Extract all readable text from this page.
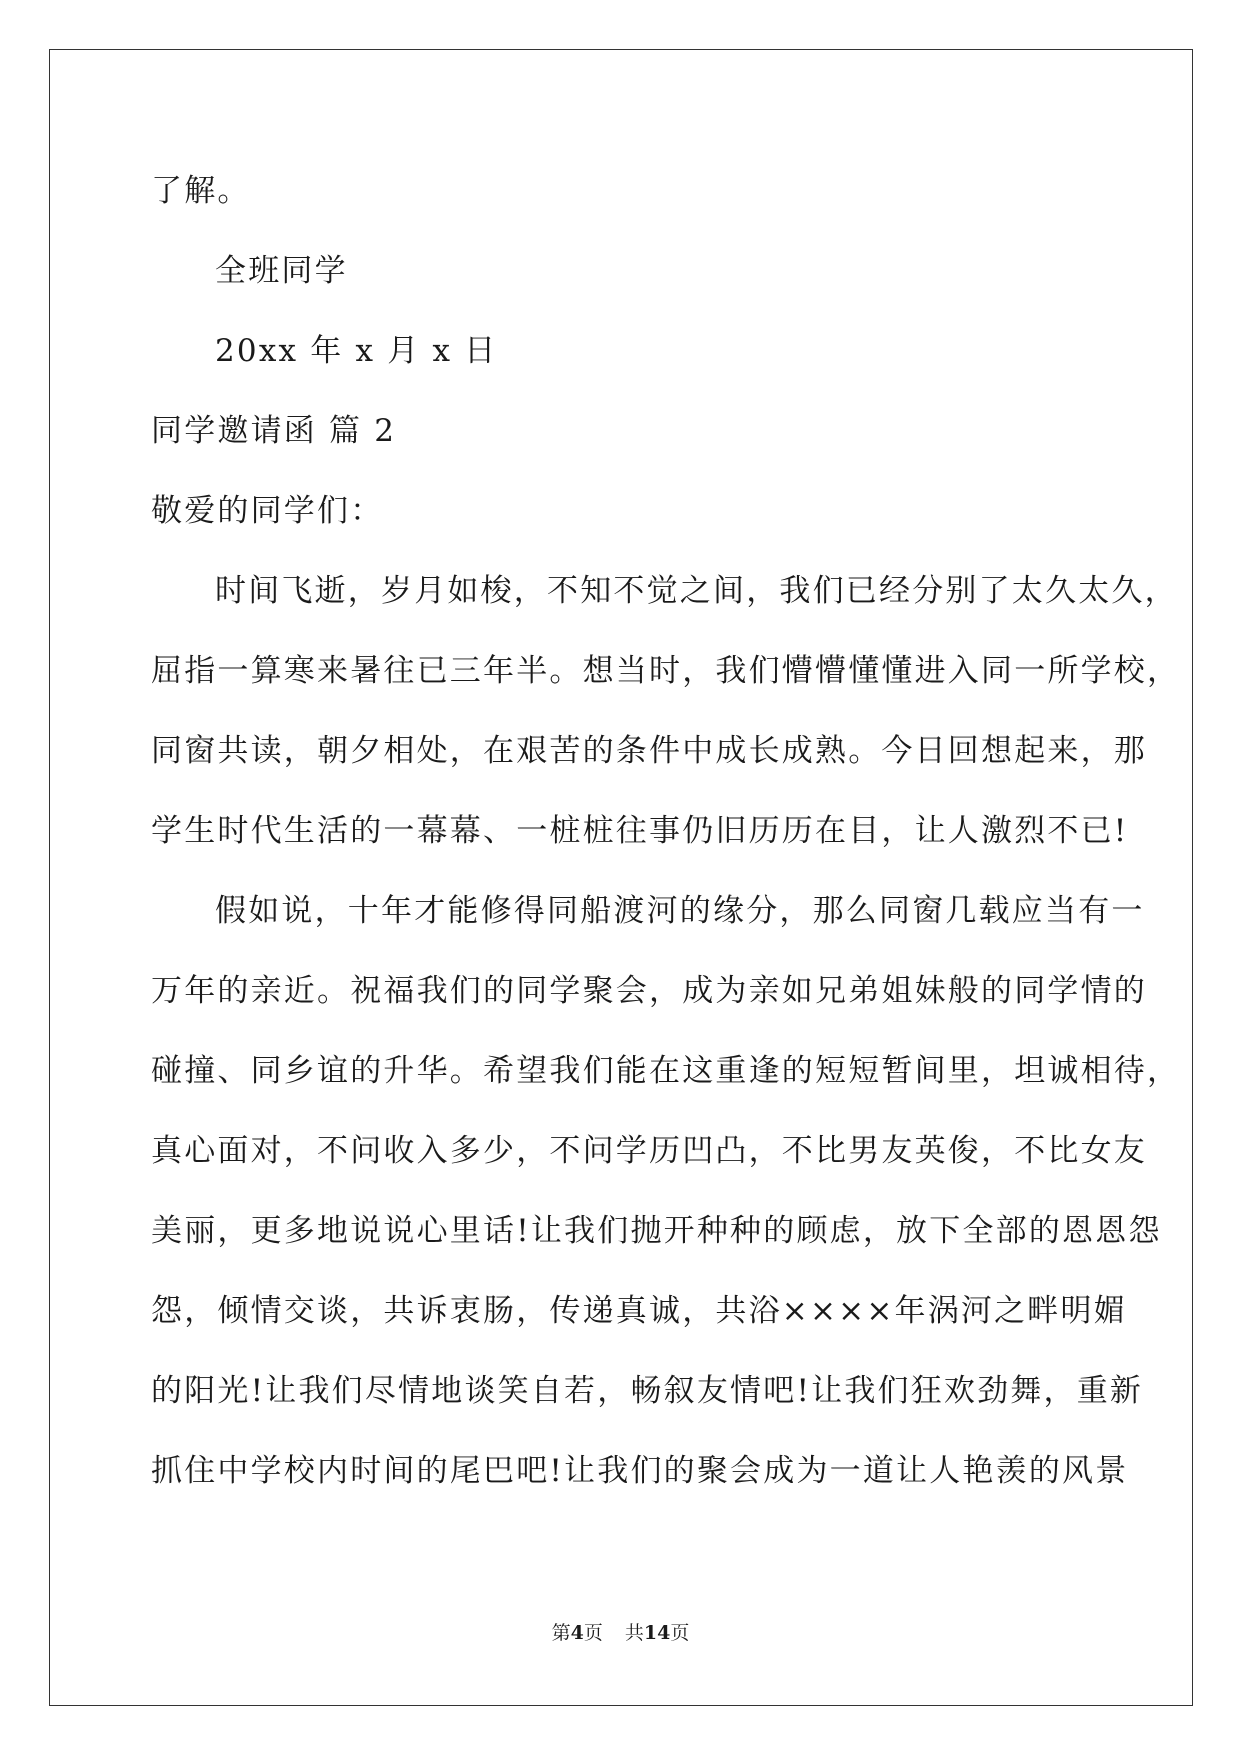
了解。

全班同学

20xx 年 x 月 x 日

同学邀请函 篇 2

敬爱的同学们：

时间飞逝，岁月如梭，不知不觉之间，我们已经分别了太久太久，

屈指一算寒来暑往已三年半。想当时，我们懵懵懂懂进入同一所学校，

同窗共读，朝夕相处，在艰苦的条件中成长成熟。今日回想起来，那

学生时代生活的一幕幕、一桩桩往事仍旧历历在目，让人激烈不已!

假如说，十年才能修得同船渡河的缘分，那么同窗几载应当有一

万年的亲近。祝福我们的同学聚会，成为亲如兄弟姐妹般的同学情的

碰撞、同乡谊的升华。希望我们能在这重逢的短短暂间里，坦诚相待，

真心面对，不问收入多少，不问学历凹凸，不比男友英俊，不比女友

美丽，更多地说说心里话!让我们抛开种种的顾虑，放下全部的恩恩怨

怨，倾情交谈，共诉衷肠，传递真诚，共浴××××年涡河之畔明媚

的阳光!让我们尽情地谈笑自若，畅叙友情吧!让我们狂欢劲舞，重新

抓住中学校内时间的尾巴吧!让我们的聚会成为一道让人艳羡的风景

第4页 共14页
